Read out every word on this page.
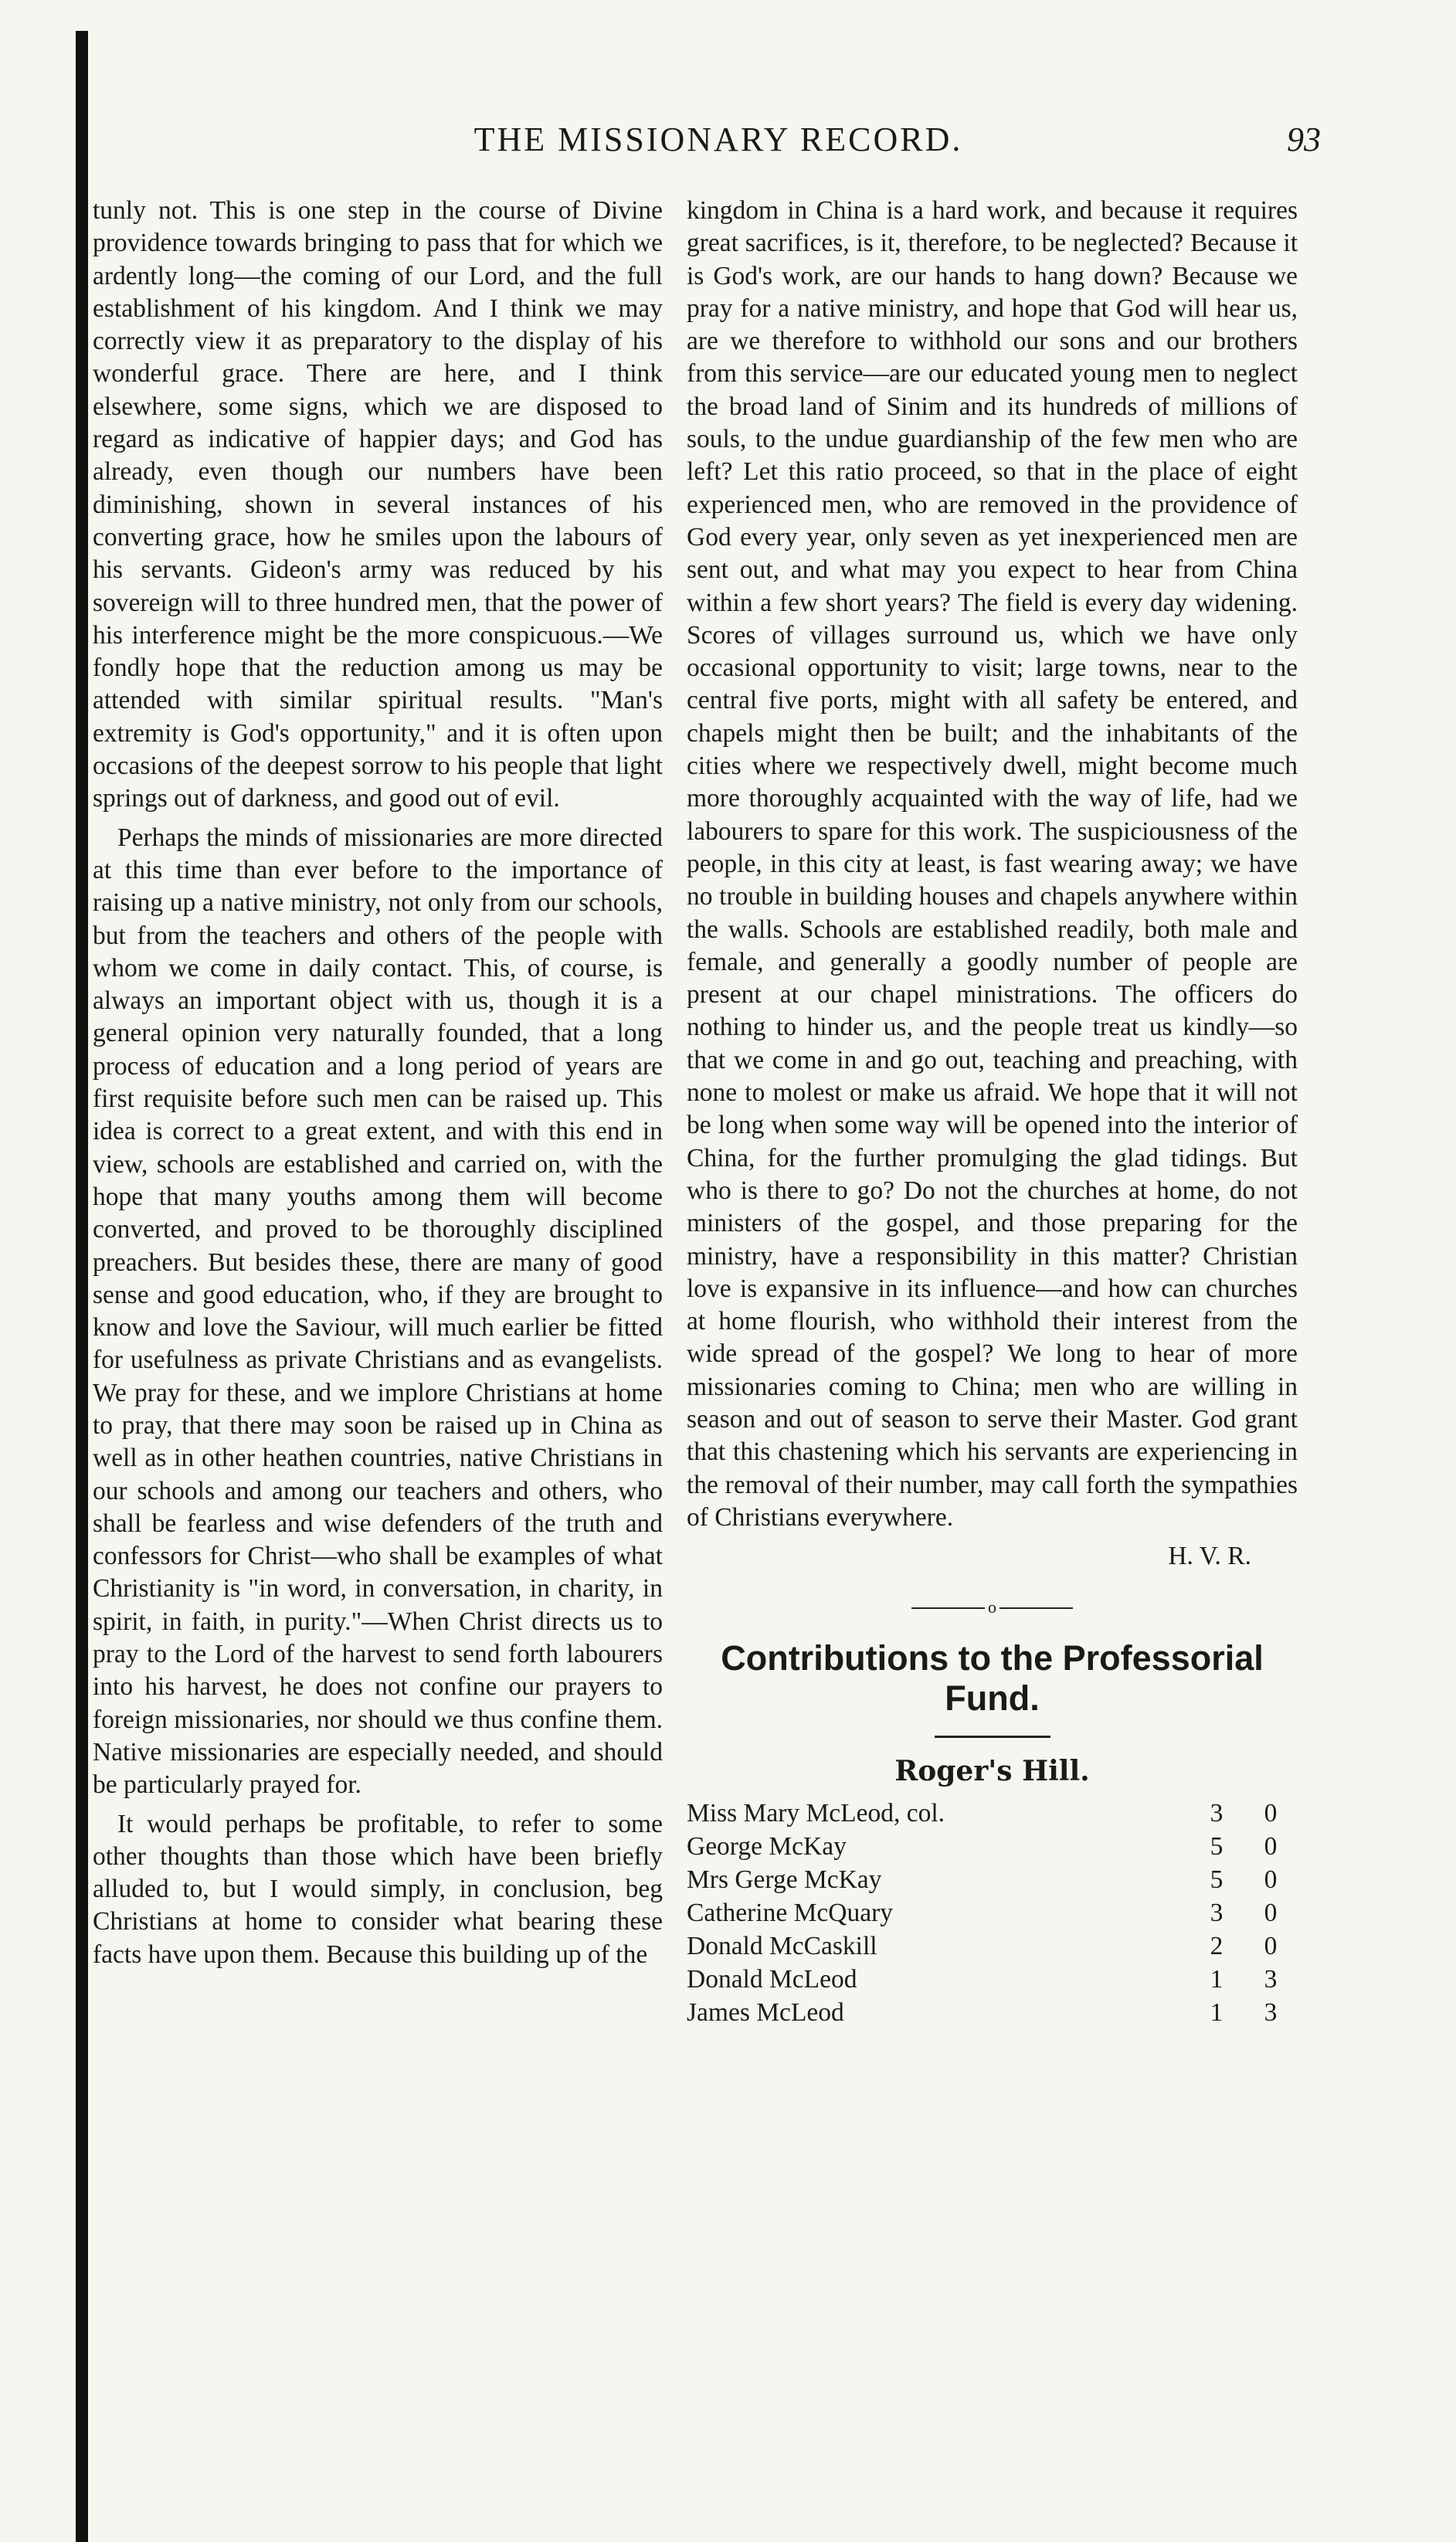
THE MISSIONARY RECORD.	93

tunly not. This is one step in the course of Divine providence towards bringing to pass that for which we ardently long—the coming of our Lord, and the full establishment of his kingdom. And I think we may correctly view it as preparatory to the display of his wonderful grace. There are here, and I think elsewhere, some signs, which we are disposed to regard as indicative of happier days; and God has already, even though our numbers have been diminishing, shown in several instances of his converting grace, how he smiles upon the labours of his servants. Gideon's army was reduced by his sovereign will to three hundred men, that the power of his interference might be the more conspicuous.—We fondly hope that the reduction among us may be attended with similar spiritual results. "Man's extremity is God's opportunity," and it is often upon occasions of the deepest sorrow to his people that light springs out of darkness, and good out of evil.

Perhaps the minds of missionaries are more directed at this time than ever before to the importance of raising up a native ministry, not only from our schools, but from the teachers and others of the people with whom we come in daily contact. This, of course, is always an important object with us, though it is a general opinion very naturally founded, that a long process of education and a long period of years are first requisite before such men can be raised up. This idea is correct to a great extent, and with this end in view, schools are established and carried on, with the hope that many youths among them will become converted, and proved to be thoroughly disciplined preachers. But besides these, there are many of good sense and good education, who, if they are brought to know and love the Saviour, will much earlier be fitted for usefulness as private Christians and as evangelists. We pray for these, and we implore Christians at home to pray, that there may soon be raised up in China as well as in other heathen countries, native Christians in our schools and among our teachers and others, who shall be fearless and wise defenders of the truth and confessors for Christ—who shall be examples of what Christianity is "in word, in conversation, in charity, in spirit, in faith, in purity."—When Christ directs us to pray to the Lord of the harvest to send forth labourers into his harvest, he does not confine our prayers to foreign missionaries, nor should we thus confine them. Native missionaries are especially needed, and should be particularly prayed for.

It would perhaps be profitable, to refer to some other thoughts than those which have been briefly alluded to, but I would simply, in conclusion, beg Christians at home to consider what bearing these facts have upon them. Because this building up of the

kingdom in China is a hard work, and because it requires great sacrifices, is it, therefore, to be neglected? Because it is God's work, are our hands to hang down? Because we pray for a native ministry, and hope that God will hear us, are we therefore to withhold our sons and our brothers from this service—are our educated young men to neglect the broad land of Sinim and its hundreds of millions of souls, to the undue guardianship of the few men who are left? Let this ratio proceed, so that in the place of eight experienced men, who are removed in the providence of God every year, only seven as yet inexperienced men are sent out, and what may you expect to hear from China within a few short years? The field is every day widening. Scores of villages surround us, which we have only occasional opportunity to visit; large towns, near to the central five ports, might with all safety be entered, and chapels might then be built; and the inhabitants of the cities where we respectively dwell, might become much more thoroughly acquainted with the way of life, had we labourers to spare for this work. The suspiciousness of the people, in this city at least, is fast wearing away; we have no trouble in building houses and chapels anywhere within the walls. Schools are established readily, both male and female, and generally a goodly number of people are present at our chapel ministrations. The officers do nothing to hinder us, and the people treat us kindly—so that we come in and go out, teaching and preaching, with none to molest or make us afraid. We hope that it will not be long when some way will be opened into the interior of China, for the further promulging the glad tidings. But who is there to go? Do not the churches at home, do not ministers of the gospel, and those preparing for the ministry, have a responsibility in this matter? Christian love is expansive in its influence—and how can churches at home flourish, who withhold their interest from the wide spread of the gospel? We long to hear of more missionaries coming to China; men who are willing in season and out of season to serve their Master. God grant that this chastening which his servants are experiencing in the removal of their number, may call forth the sympathies of Christians everywhere.

H. V. R.
o
Contributions to the Professorial Fund.
Roger's Hill.
Miss Mary McLeod, col.	3	0
George McKay	5	0
Mrs Gerge McKay	5	0
Catherine McQuary	3	0
Donald McCaskill	2	0
Donald McLeod	1	3
James McLeod	1	3
